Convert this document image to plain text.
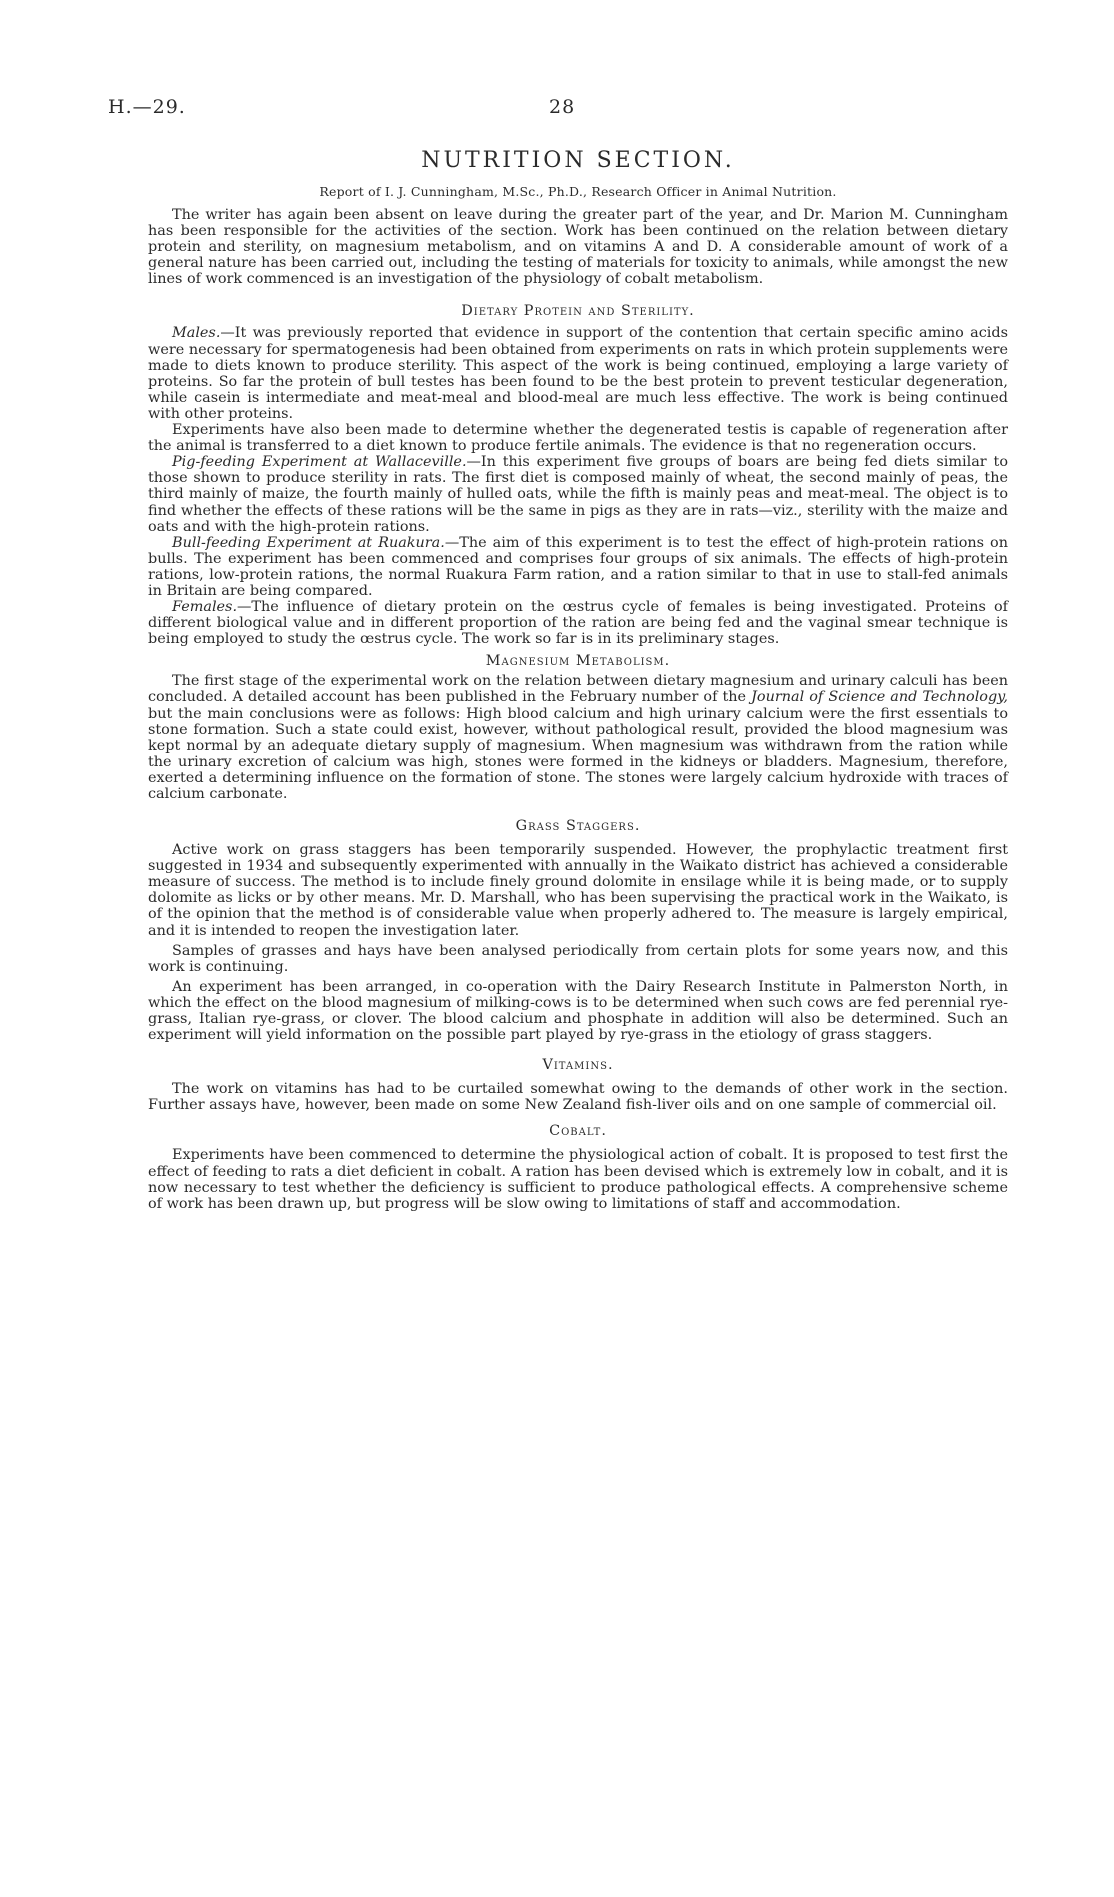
H.—29.	28
NUTRITION SECTION.
Report of I. J. Cunningham, M.Sc., Ph.D., Research Officer in Animal Nutrition.

The writer has again been absent on leave during the greater part of the year, and Dr. Marion M. Cunningham has been responsible for the activities of the section. Work has been continued on the relation between dietary protein and sterility, on magnesium metabolism, and on vitamins A and D. A considerable amount of work of a general nature has been carried out, including the testing of materials for toxicity to animals, while amongst the new lines of work commenced is an investigation of the physiology of cobalt metabolism.

Dietary Protein and Sterility.

Males.—It was previously reported that evidence in support of the contention that certain specific amino acids were necessary for spermatogenesis had been obtained from experiments on rats in which protein supplements were made to diets known to produce sterility. This aspect of the work is being continued, employing a large variety of proteins. So far the protein of bull testes has been found to be the best protein to prevent testicular degeneration, while casein is intermediate and meat-meal and blood-meal are much less effective. The work is being continued with other proteins.

Experiments have also been made to determine whether the degenerated testis is capable of regeneration after the animal is transferred to a diet known to produce fertile animals. The evidence is that no regeneration occurs.

Pig-feeding Experiment at Wallaceville.—In this experiment five groups of boars are being fed diets similar to those shown to produce sterility in rats. The first diet is composed mainly of wheat, the second mainly of peas, the third mainly of maize, the fourth mainly of hulled oats, while the fifth is mainly peas and meat-meal. The object is to find whether the effects of these rations will be the same in pigs as they are in rats—viz., sterility with the maize and oats and with the high-protein rations.

Bull-feeding Experiment at Ruakura.—The aim of this experiment is to test the effect of high-protein rations on bulls. The experiment has been commenced and comprises four groups of six animals. The effects of high-protein rations, low-protein rations, the normal Ruakura Farm ration, and a ration similar to that in use to stall-fed animals in Britain are being compared.

Females.—The influence of dietary protein on the œstrus cycle of females is being investigated. Proteins of different biological value and in different proportion of the ration are being fed and the vaginal smear technique is being employed to study the œstrus cycle. The work so far is in its preliminary stages.

Magnesium Metabolism.

The first stage of the experimental work on the relation between dietary magnesium and urinary calculi has been concluded. A detailed account has been published in the February number of the Journal of Science and Technology, but the main conclusions were as follows: High blood calcium and high urinary calcium were the first essentials to stone formation. Such a state could exist, however, without pathological result, provided the blood magnesium was kept normal by an adequate dietary supply of magnesium. When magnesium was withdrawn from the ration while the urinary excretion of calcium was high, stones were formed in the kidneys or bladders. Magnesium, therefore, exerted a determining influence on the formation of stone. The stones were largely calcium hydroxide with traces of calcium carbonate.

Grass Staggers.

Active work on grass staggers has been temporarily suspended. However, the prophylactic treatment first suggested in 1934 and subsequently experimented with annually in the Waikato district has achieved a considerable measure of success. The method is to include finely ground dolomite in ensilage while it is being made, or to supply dolomite as licks or by other means. Mr. D. Marshall, who has been supervising the practical work in the Waikato, is of the opinion that the method is of considerable value when properly adhered to. The measure is largely empirical, and it is intended to reopen the investigation later.

Samples of grasses and hays have been analysed periodically from certain plots for some years now, and this work is continuing.

An experiment has been arranged, in co-operation with the Dairy Research Institute in Palmerston North, in which the effect on the blood magnesium of milking-cows is to be determined when such cows are fed perennial rye-grass, Italian rye-grass, or clover. The blood calcium and phosphate in addition will also be determined. Such an experiment will yield information on the possible part played by rye-grass in the etiology of grass staggers.

Vitamins.

The work on vitamins has had to be curtailed somewhat owing to the demands of other work in the section. Further assays have, however, been made on some New Zealand fish-liver oils and on one sample of commercial oil.

Cobalt.

Experiments have been commenced to determine the physiological action of cobalt. It is proposed to test first the effect of feeding to rats a diet deficient in cobalt. A ration has been devised which is extremely low in cobalt, and it is now necessary to test whether the deficiency is sufficient to produce pathological effects. A comprehensive scheme of work has been drawn up, but progress will be slow owing to limitations of staff and accommodation.
